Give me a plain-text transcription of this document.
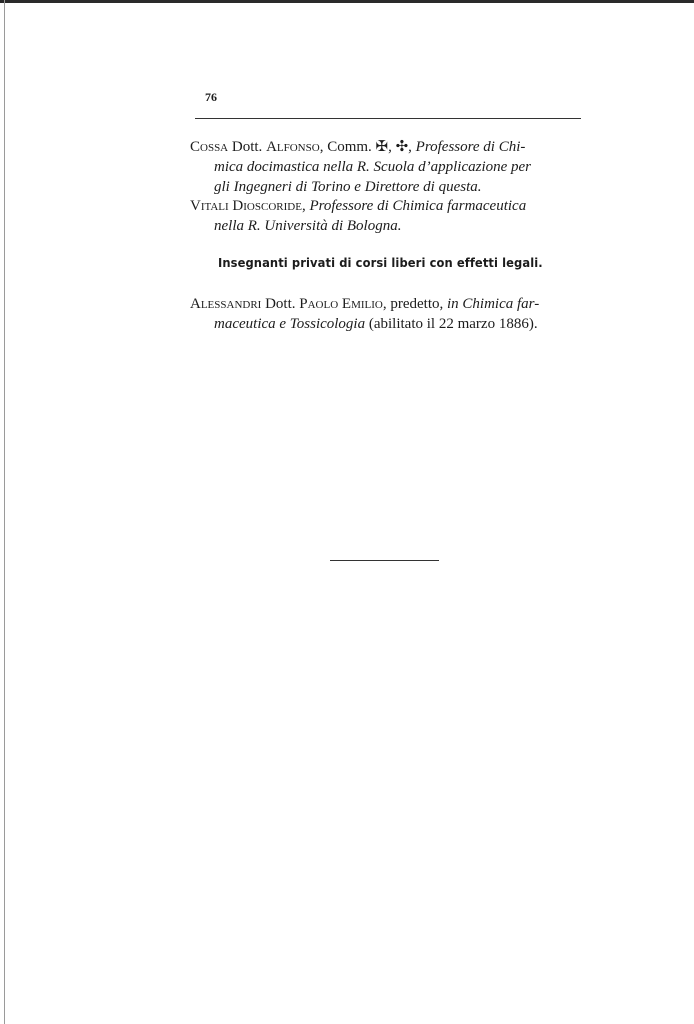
76
Cossa Dott. Alfonso, Comm. ✠, ✣, Professore di Chi-
mica docimastica nella R. Scuola d’applicazione per
gli Ingegneri di Torino e Direttore di questa.
Vitali Dioscoride, Professore di Chimica farmaceutica
nella R. Università di Bologna.
Insegnanti privati di corsi liberi con effetti legali.
Alessandri Dott. Paolo Emilio, predetto, in Chimica far-
maceutica e Tossicologia (abilitato il 22 marzo 1886).
